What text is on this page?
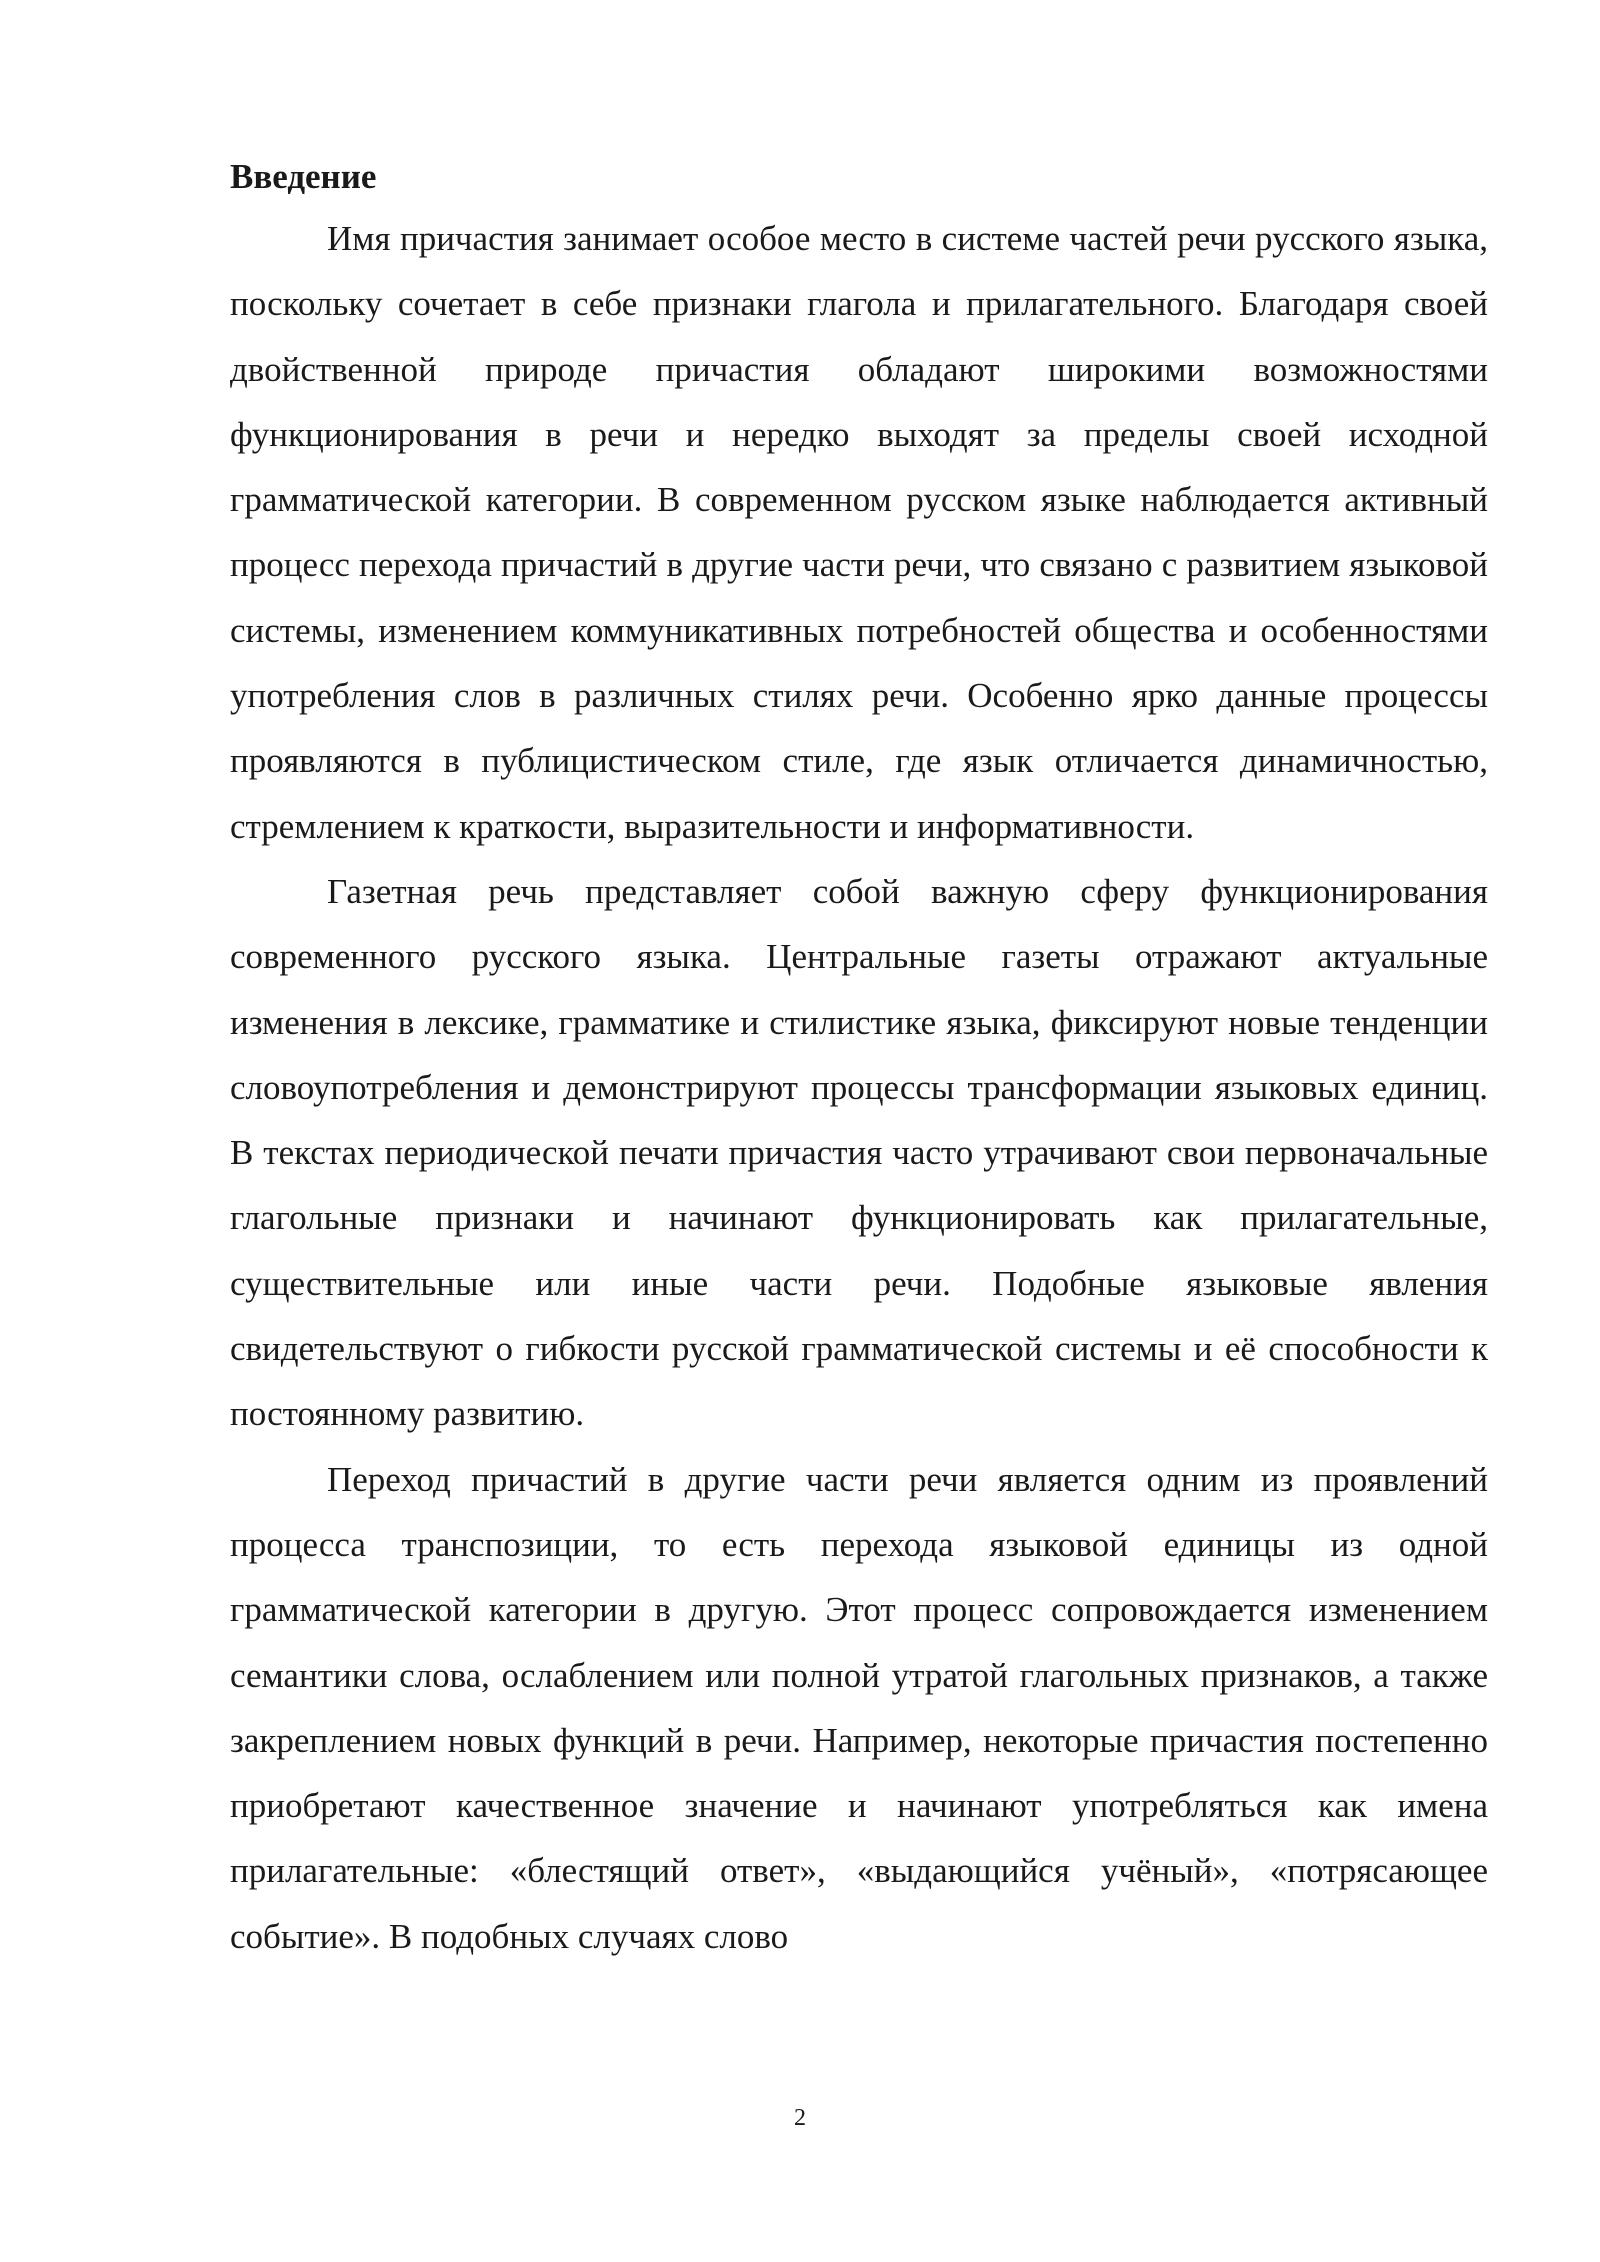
Введение

Имя причастия занимает особое место в системе частей речи русского языка, поскольку сочетает в себе признаки глагола и прилагательного. Благодаря своей двойственной природе причастия обладают широкими возможностями функционирования в речи и нередко выходят за пределы своей исходной грамматической категории. В современном русском языке наблюдается активный процесс перехода причастий в другие части речи, что связано с развитием языковой системы, изменением коммуникативных потребностей общества и особенностями употребления слов в различных стилях речи. Особенно ярко данные процессы проявляются в публицистическом стиле, где язык отличается динамичностью, стремлением к краткости, выразительности и информативности.

Газетная речь представляет собой важную сферу функционирования современного русского языка. Центральные газеты отражают актуальные изменения в лексике, грамматике и стилистике языка, фиксируют новые тенденции словоупотребления и демонстрируют процессы трансформации языковых единиц. В текстах периодической печати причастия часто утрачивают свои первоначальные глагольные признаки и начинают функционировать как прилагательные, существительные или иные части речи. Подобные языковые явления свидетельствуют о гибкости русской грамматической системы и её способности к постоянному развитию.

Переход причастий в другие части речи является одним из проявлений процесса транспозиции, то есть перехода языковой единицы из одной грамматической категории в другую. Этот процесс сопровождается изменением семантики слова, ослаблением или полной утратой глагольных признаков, а также закреплением новых функций в речи. Например, некоторые причастия постепенно приобретают качественное значение и начинают употребляться как имена прилагательные: «блестящий ответ», «выдающийся учёный», «потрясающее событие». В подобных случаях слово

2
